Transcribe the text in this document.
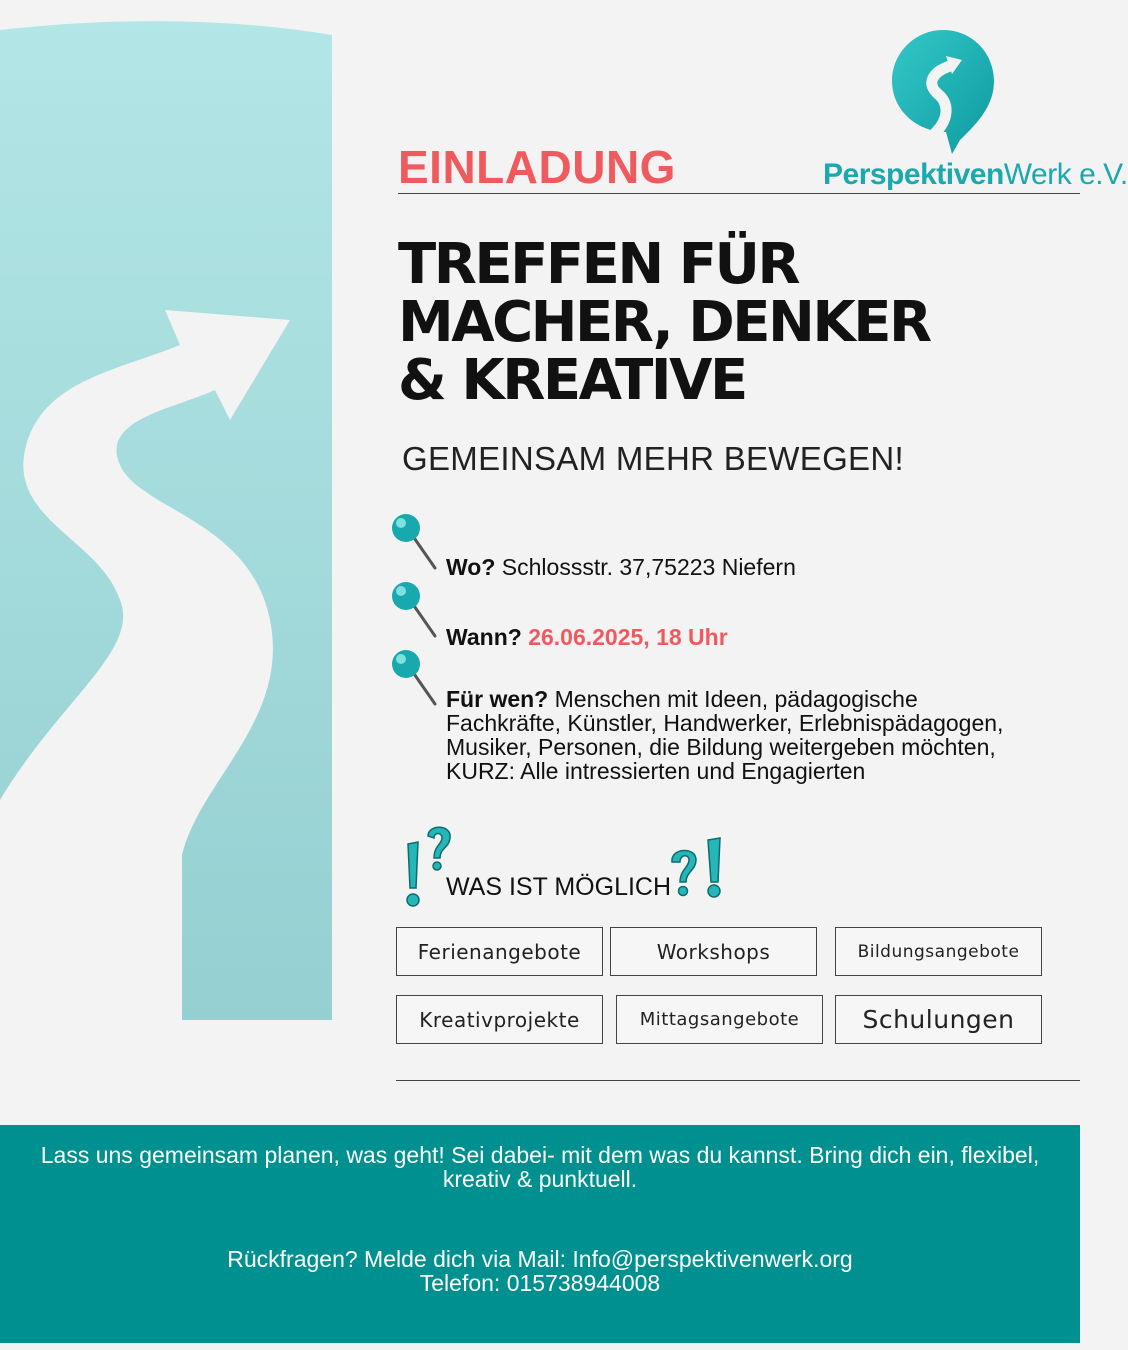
PerspektivenWerk e.V.
EINLADUNG
TREFFEN FÜR
MACHER, DENKER
& KREATIVE
GEMEINSAM MEHR BEWEGEN!
Wo? Schlossstr. 37,75223 Niefern
Wann? 26.06.2025, 18 Uhr
Für wen? Menschen mit Ideen, pädagogische
Fachkräfte, Künstler, Handwerker, Erlebnispädagogen,
Musiker, Personen, die Bildung weitergeben möchten,
KURZ: Alle intressierten und Engagierten
WAS IST MÖGLICH
Ferienangebote	Workshops	Bildungsangebote
Kreativprojekte	Mittagsangebote	Schulungen
Lass uns gemeinsam planen, was geht! Sei dabei- mit dem was du kannst. Bring dich ein, flexibel,
kreativ & punktuell.
Rückfragen? Melde dich via Mail: Info@perspektivenwerk.org
Telefon: 015738944008
